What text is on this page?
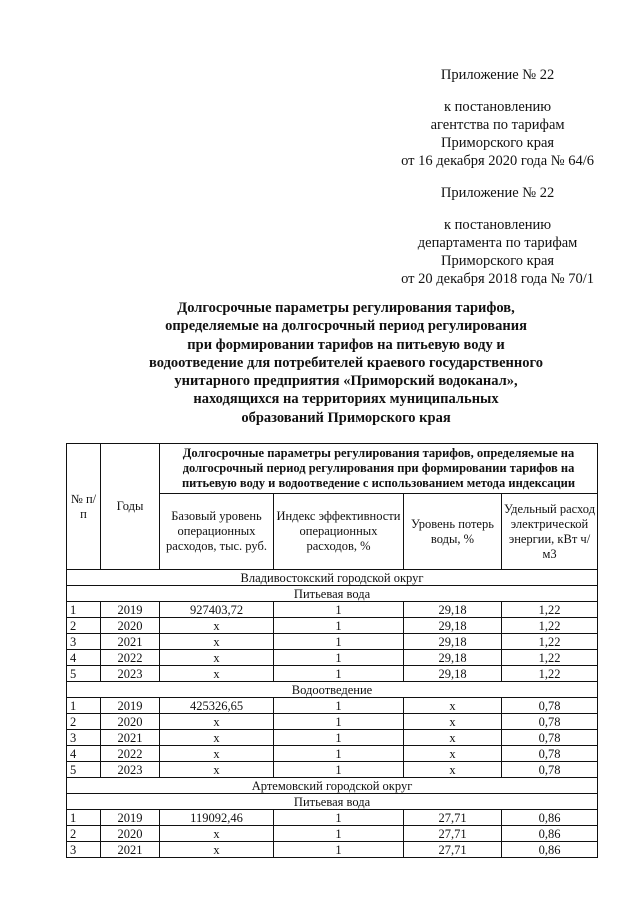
Приложение № 22
к постановлению
агентства по тарифам
Приморского края
от 16 декабря 2020 года № 64/6
Приложение № 22
к постановлению
департамента по тарифам
Приморского края
от 20 декабря 2018 года № 70/1
Долгосрочные параметры регулирования тарифов,
определяемые на долгосрочный период регулирования
при формировании тарифов на питьевую воду и
водоотведение для потребителей краевого государственного
унитарного предприятия «Приморский водоканал»,
находящихся на территориях муниципальных
образований Приморского края
№ п/п	Годы	Долгосрочные параметры регулирования тарифов, определяемые на долгосрочный период регулирования при формировании тарифов на питьевую воду и водоотведение с использованием метода индексации			
		Базовый уровень операционных расходов, тыс. руб.	Индекс эффективности операционных расходов, %	Уровень потерь воды, %	Удельный расход электрической энергии, кВт ч/м3
Владивостокский городской округ					
Питьевая вода					
1	2019	927403,72	1	29,18	1,22
2	2020	х	1	29,18	1,22
3	2021	х	1	29,18	1,22
4	2022	х	1	29,18	1,22
5	2023	х	1	29,18	1,22
Водоотведение					
1	2019	425326,65	1	х	0,78
2	2020	х	1	х	0,78
3	2021	х	1	х	0,78
4	2022	х	1	х	0,78
5	2023	х	1	х	0,78
Артемовский городской округ					
Питьевая вода					
1	2019	119092,46	1	27,71	0,86
2	2020	х	1	27,71	0,86
3	2021	х	1	27,71	0,86
